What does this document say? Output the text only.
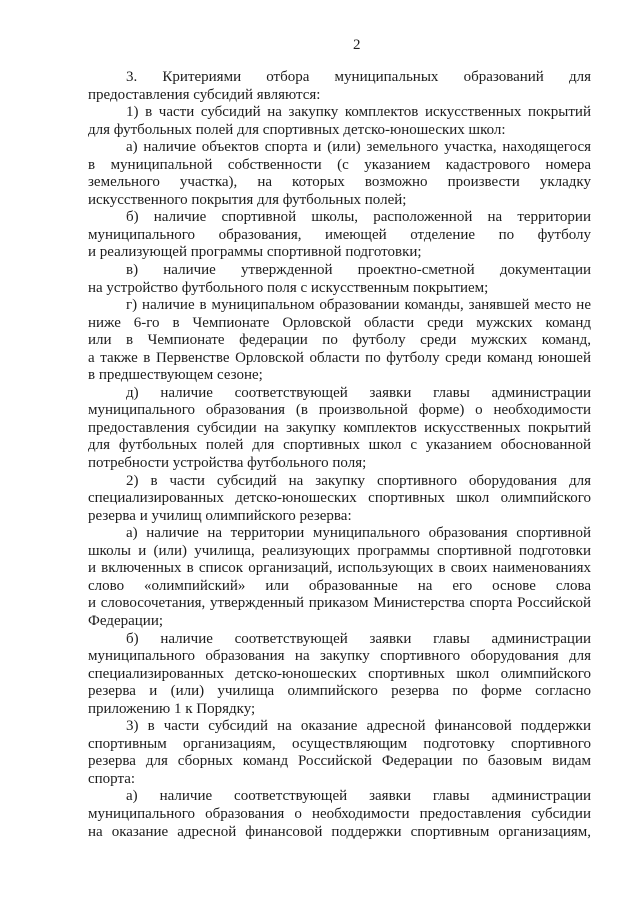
2
3. Критериями отбора муниципальных образований для
предоставления субсидий являются:
1) в части субсидий на закупку комплектов искусственных покрытий
для футбольных полей для спортивных детско-юношеских школ:
а) наличие объектов спорта и (или) земельного участка, находящегося
в муниципальной собственности (с указанием кадастрового номера
земельного участка), на которых возможно произвести укладку
искусственного покрытия для футбольных полей;
б) наличие спортивной школы, расположенной на территории
муниципального образования, имеющей отделение по футболу
и реализующей программы спортивной подготовки;
в) наличие утвержденной проектно-сметной документации
на устройство футбольного поля с искусственным покрытием;
г) наличие в муниципальном образовании команды, занявшей место не
ниже 6-го в Чемпионате Орловской области среди мужских команд
или в Чемпионате федерации по футболу среди мужских команд,
а также в Первенстве Орловской области по футболу среди команд юношей
в предшествующем сезоне;
д) наличие соответствующей заявки главы администрации
муниципального образования (в произвольной форме) о необходимости
предоставления субсидии на закупку комплектов искусственных покрытий
для футбольных полей для спортивных школ с указанием обоснованной
потребности устройства футбольного поля;
2) в части субсидий на закупку спортивного оборудования для
специализированных детско-юношеских спортивных школ олимпийского
резерва и училищ олимпийского резерва:
а) наличие на территории муниципального образования спортивной
школы и (или) училища, реализующих программы спортивной подготовки
и включенных в список организаций, использующих в своих наименованиях
слово «олимпийский» или образованные на его основе слова
и словосочетания, утвержденный приказом Министерства спорта Российской
Федерации;
б) наличие соответствующей заявки главы администрации
муниципального образования на закупку спортивного оборудования для
специализированных детско-юношеских спортивных школ олимпийского
резерва и (или) училища олимпийского резерва по форме согласно
приложению 1 к Порядку;
3) в части субсидий на оказание адресной финансовой поддержки
спортивным организациям, осуществляющим подготовку спортивного
резерва для сборных команд Российской Федерации по базовым видам
спорта:
а) наличие соответствующей заявки главы администрации
муниципального образования о необходимости предоставления субсидии
на оказание адресной финансовой поддержки спортивным организациям,
